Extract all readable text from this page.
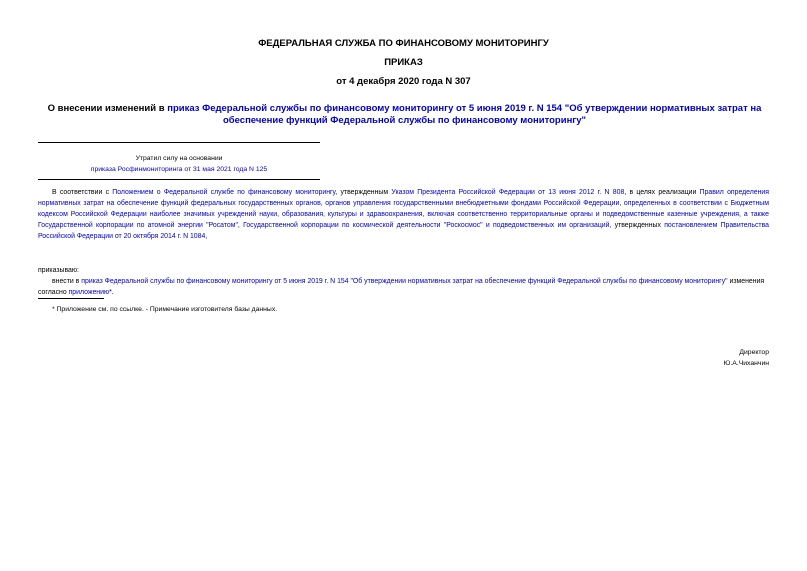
ФЕДЕРАЛЬНАЯ СЛУЖБА ПО ФИНАНСОВОМУ МОНИТОРИНГУ
ПРИКАЗ
от 4 декабря 2020 года N 307
О внесении изменений в приказ Федеральной службы по финансовому мониторингу от 5 июня 2019 г. N 154 "Об утверждении нормативных затрат на обеспечение функций Федеральной службы по финансовому мониторингу"
Утратил силу на основании
приказа Росфинмониторинга от 31 мая 2021 года N 125
В соответствии с Положением о Федеральной службе по финансовому мониторингу, утвержденным Указом Президента Российской Федерации от 13 июня 2012 г. N 808, в целях реализации Правил определения нормативных затрат на обеспечение функций федеральных государственных органов, органов управления государственными внебюджетными фондами Российской Федерации, определенных в соответствии с Бюджетным кодексом Российской Федерации наиболее значимых учреждений науки, образования, культуры и здравоохранения, включая соответственно территориальные органы и подведомственные казенные учреждения, а также Государственной корпорации по атомной энергии "Росатом", Государственной корпорации по космической деятельности "Роскосмос" и подведомственных им организаций, утвержденных постановлением Правительства Российской Федерации от 20 октября 2014 г. N 1084,
приказываю:
внести в приказ Федеральной службы по финансовому мониторингу от 5 июня 2019 г. N 154 "Об утверждении нормативных затрат на обеспечение функций Федеральной службы по финансовому мониторингу" изменения согласно приложению*.
* Приложение см. по ссылке. - Примечание изготовителя базы данных.
Директор
Ю.А.Чиханчин
